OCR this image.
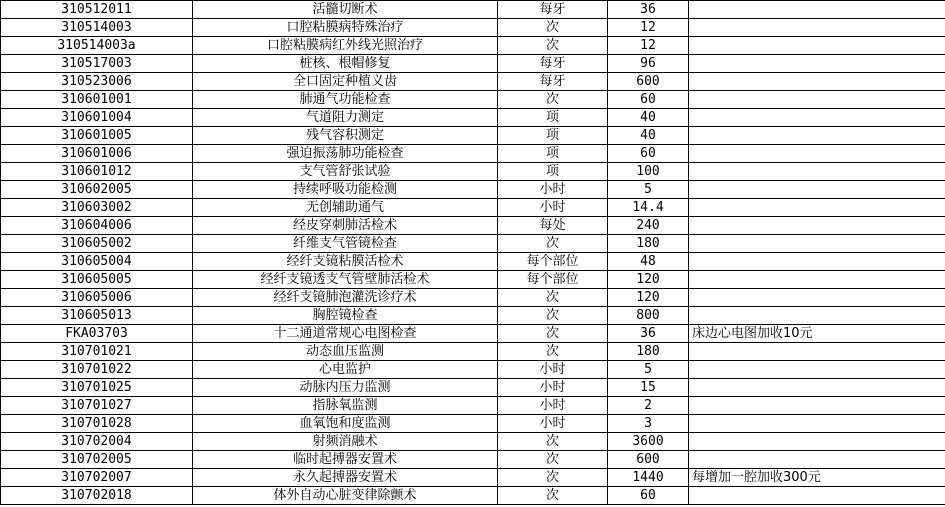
310512011	活髓切断术	每牙	36	
310514003	口腔粘膜病特殊治疗	次	12	
310514003a	口腔粘膜病红外线光照治疗	次	12	
310517003	桩核、根帽修复	每牙	96	
310523006	全口固定种植义齿	每牙	600	
310601001	肺通气功能检查	次	60	
310601004	气道阻力测定	项	40	
310601005	残气容积测定	项	40	
310601006	强迫振荡肺功能检查	项	60	
310601012	支气管舒张试验	项	100	
310602005	持续呼吸功能检测	小时	5	
310603002	无创辅助通气	小时	14.4	
310604006	经皮穿刺肺活检术	每处	240	
310605002	纤维支气管镜检查	次	180	
310605004	经纤支镜粘膜活检术	每个部位	48	
310605005	经纤支镜透支气管壁肺活检术	每个部位	120	
310605006	经纤支镜肺泡灌洗诊疗术	次	120	
310605013	胸腔镜检查	次	800	
FKA03703	十二通道常规心电图检查	次	36	床边心电图加收10元
310701021	动态血压监测	次	180	
310701022	心电监护	小时	5	
310701025	动脉内压力监测	小时	15	
310701027	指脉氧监测	小时	2	
310701028	血氧饱和度监测	小时	3	
310702004	射频消融术	次	3600	
310702005	临时起搏器安置术	次	600	
310702007	永久起搏器安置术	次	1440	每增加一腔加收300元
310702018	体外自动心脏变律除颤术	次	60	
